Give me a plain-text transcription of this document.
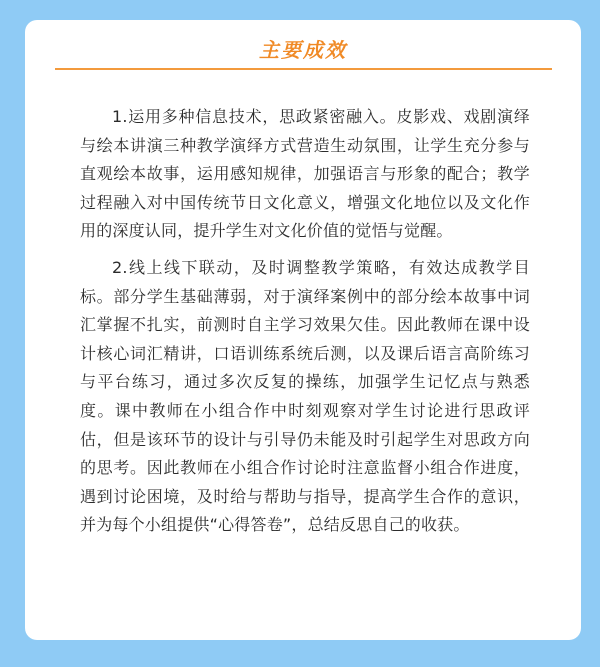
主要成效

1.运用多种信息技术，思政紧密融入。皮影戏、戏剧演绎与绘本讲演三种教学演绎方式营造生动氛围，让学生充分参与直观绘本故事，运用感知规律，加强语言与形象的配合；教学过程融入对中国传统节日文化意义，增强文化地位以及文化作用的深度认同，提升学生对文化价值的觉悟与觉醒。

2.线上线下联动，及时调整教学策略，有效达成教学目标。部分学生基础薄弱，对于演绎案例中的部分绘本故事中词汇掌握不扎实，前测时自主学习效果欠佳。因此教师在课中设计核心词汇精讲，口语训练系统后测，以及课后语言高阶练习与平台练习，通过多次反复的操练，加强学生记忆点与熟悉度。课中教师在小组合作中时刻观察对学生讨论进行思政评估，但是该环节的设计与引导仍未能及时引起学生对思政方向的思考。因此教师在小组合作讨论时注意监督小组合作进度，遇到讨论困境，及时给与帮助与指导，提高学生合作的意识，并为每个小组提供“心得答卷”，总结反思自己的收获。
